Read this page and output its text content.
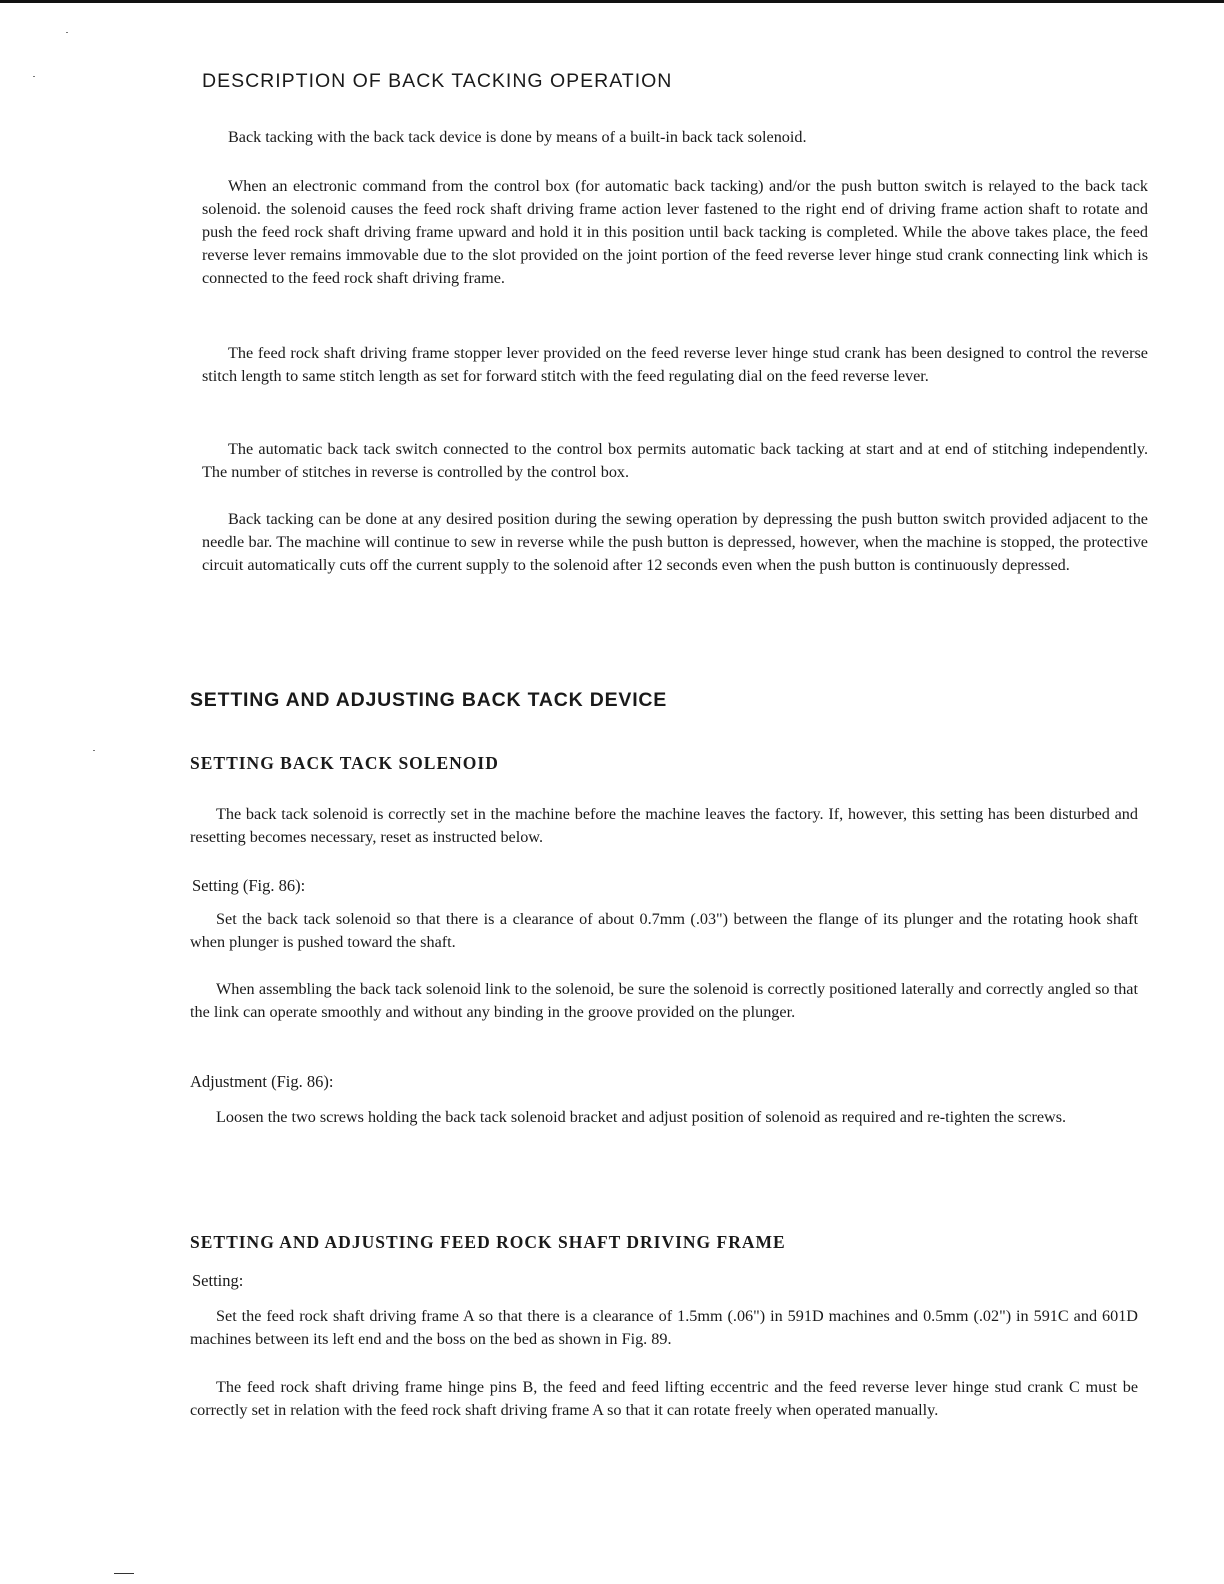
DESCRIPTION OF BACK TACKING OPERATION

Back tacking with the back tack device is done by means of a built-in back tack solenoid.

When an electronic command from the control box (for automatic back tacking) and/or the push button switch is relayed to the back tack solenoid. the solenoid causes the feed rock shaft driving frame action lever fastened to the right end of driving frame action shaft to rotate and push the feed rock shaft driving frame upward and hold it in this position until back tacking is completed. While the above takes place, the feed reverse lever remains immovable due to the slot provided on the joint portion of the feed reverse lever hinge stud crank connecting link which is connected to the feed rock shaft driving frame.

The feed rock shaft driving frame stopper lever provided on the feed reverse lever hinge stud crank has been designed to control the reverse stitch length to same stitch length as set for forward stitch with the feed regulating dial on the feed reverse lever.

The automatic back tack switch connected to the control box permits automatic back tacking at start and at end of stitching independently. The number of stitches in reverse is controlled by the control box.

Back tacking can be done at any desired position during the sewing operation by depressing the push button switch provided adjacent to the needle bar. The machine will continue to sew in reverse while the push button is depressed, however, when the machine is stopped, the protective circuit automatically cuts off the current supply to the solenoid after 12 seconds even when the push button is continuously depressed.

SETTING AND ADJUSTING BACK TACK DEVICE
SETTING BACK TACK SOLENOID

The back tack solenoid is correctly set in the machine before the machine leaves the factory. If, however, this setting has been disturbed and resetting becomes necessary, reset as instructed below.

Setting (Fig. 86):

Set the back tack solenoid so that there is a clearance of about 0.7mm (.03") between the flange of its plunger and the rotating hook shaft when plunger is pushed toward the shaft.

When assembling the back tack solenoid link to the solenoid, be sure the solenoid is correctly positioned laterally and correctly angled so that the link can operate smoothly and without any binding in the groove provided on the plunger.

Adjustment (Fig. 86):

Loosen the two screws holding the back tack solenoid bracket and adjust position of solenoid as required and re-tighten the screws.

SETTING AND ADJUSTING FEED ROCK SHAFT DRIVING FRAME

Setting:

Set the feed rock shaft driving frame A so that there is a clearance of 1.5mm (.06") in 591D machines and 0.5mm (.02") in 591C and 601D machines between its left end and the boss on the bed as shown in Fig. 89.

The feed rock shaft driving frame hinge pins B, the feed and feed lifting eccentric and the feed reverse lever hinge stud crank C must be correctly set in relation with the feed rock shaft driving frame A so that it can rotate freely when operated manually.
